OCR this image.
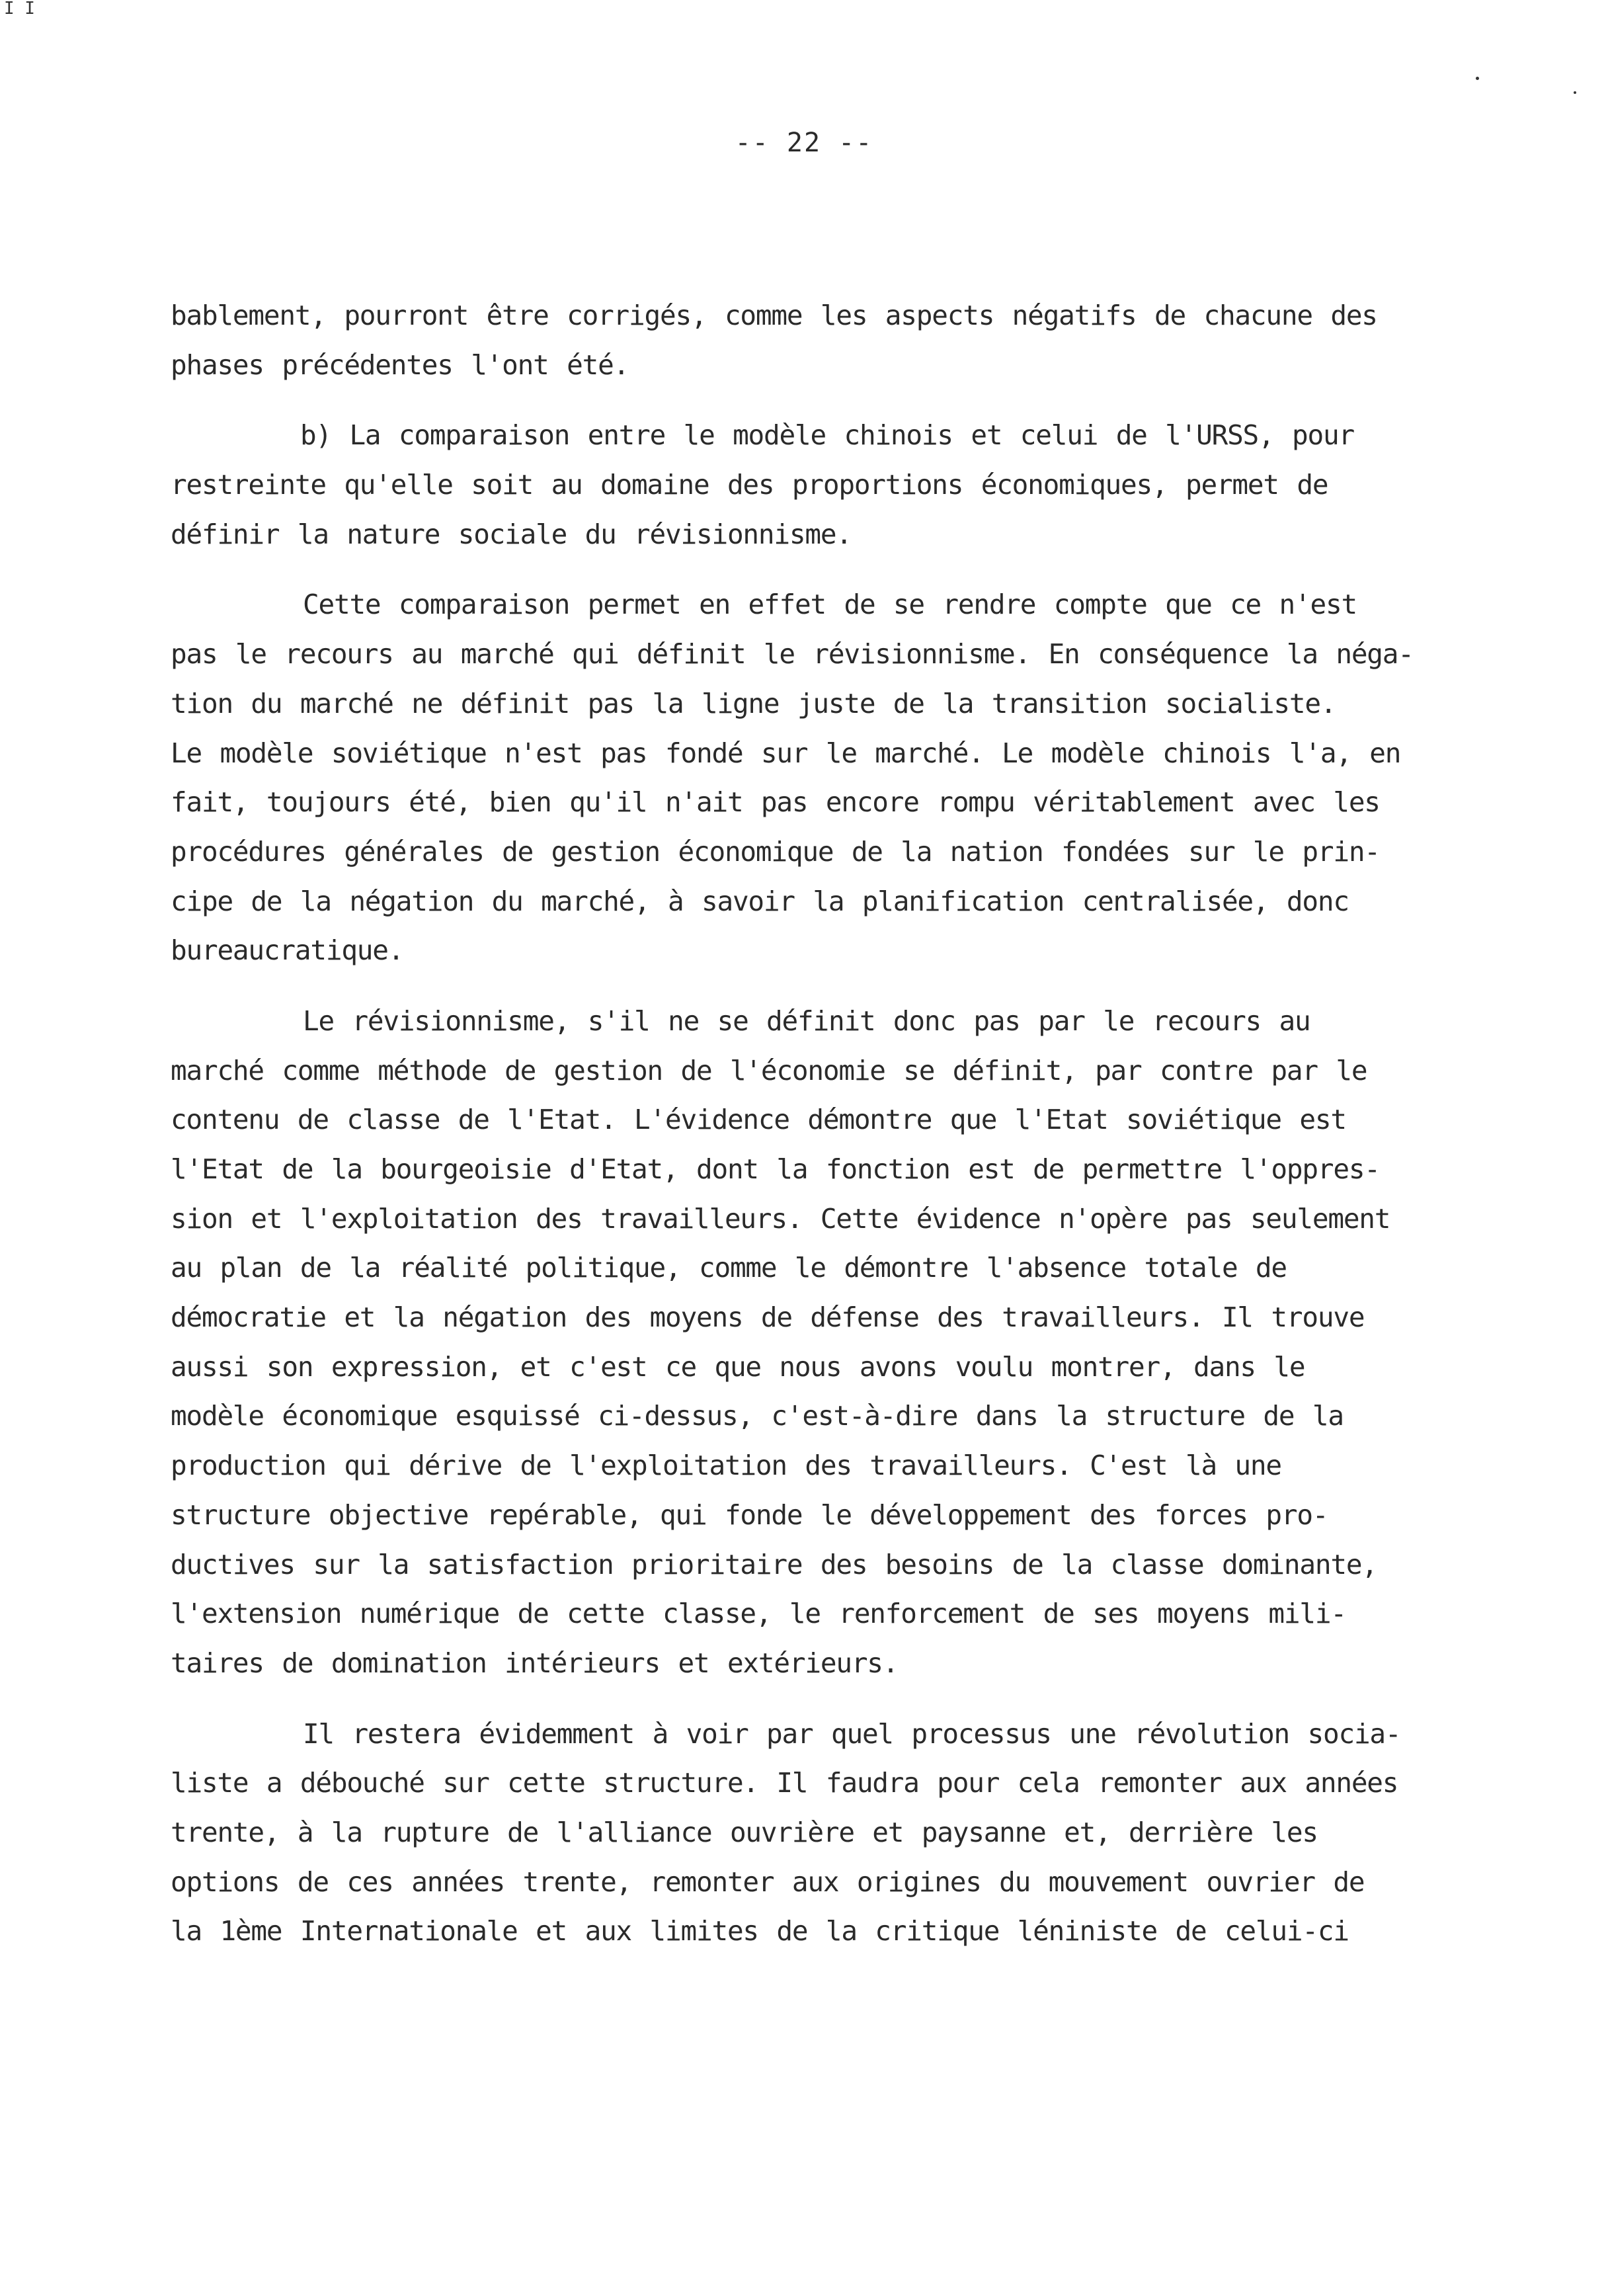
I I
-- 22 --
bablement, pourront être corrigés, comme les aspects négatifs de chacune des
phases précédentes l'ont été.
b) La comparaison entre le modèle chinois et celui de l'URSS, pour
restreinte qu'elle soit au domaine des proportions économiques, permet de
définir la nature sociale du révisionnisme.
Cette comparaison permet en effet de se rendre compte que ce n'est
pas le recours au marché qui définit le révisionnisme. En conséquence la néga-
tion du marché ne définit pas la ligne juste de la transition socialiste.
Le modèle soviétique n'est pas fondé sur le marché. Le modèle chinois l'a, en
fait, toujours été, bien qu'il n'ait pas encore rompu véritablement avec les
procédures générales de gestion économique de la nation fondées sur le prin-
cipe de la négation du marché, à savoir la planification centralisée, donc
bureaucratique.
Le révisionnisme, s'il ne se définit donc pas par le recours au
marché comme méthode de gestion de l'économie se définit, par contre par le
contenu de classe de l'Etat. L'évidence démontre que l'Etat soviétique est
l'Etat de la bourgeoisie d'Etat, dont la fonction est de permettre l'oppres-
sion et l'exploitation des travailleurs. Cette évidence n'opère pas seulement
au plan de la réalité politique, comme le démontre l'absence totale de
démocratie et la négation des moyens de défense des travailleurs. Il trouve
aussi son expression, et c'est ce que nous avons voulu montrer, dans le
modèle économique esquissé ci-dessus, c'est-à-dire dans la structure de la
production qui dérive de l'exploitation des travailleurs. C'est là une
structure objective repérable, qui fonde le développement des forces pro-
ductives sur la satisfaction prioritaire des besoins de la classe dominante,
l'extension numérique de cette classe, le renforcement de ses moyens mili-
taires de domination intérieurs et extérieurs.
Il restera évidemment à voir par quel processus une révolution socia-
liste a débouché sur cette structure. Il faudra pour cela remonter aux années
trente, à la rupture de l'alliance ouvrière et paysanne et, derrière les
options de ces années trente, remonter aux origines du mouvement ouvrier de
la 1ème Internationale et aux limites de la critique léniniste de celui-ci
